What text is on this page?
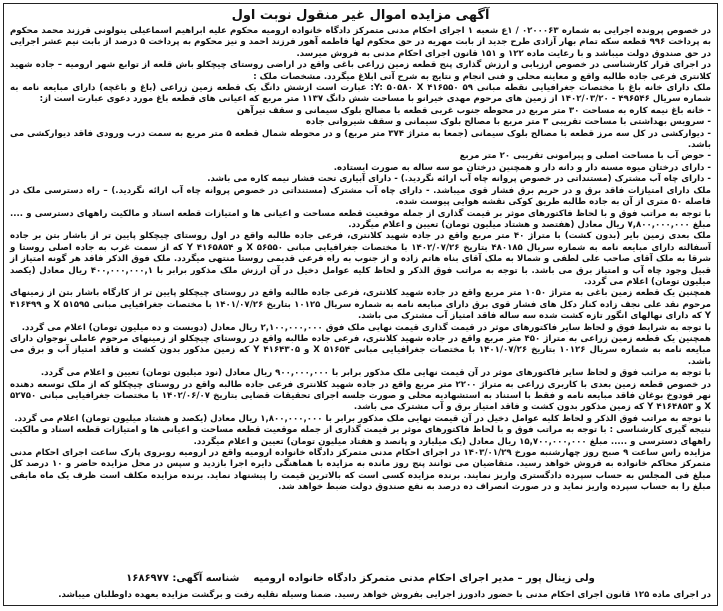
آگهی مزایده اموال غیر منقول نوبت اول

در خصوص پرونده اجرایی به شماره ۰۲۰۰۰۶۳ / ۱ع شعبه ۱ اجرای احکام مدنی متمرکز دادگاه خانواده ارومیه محکوم علیه ابراهیم اسماعیلی ینولونی فرزند محمد محکوم به پرداخت ۹۹۶ قطعه سکه تمام بهار آزادی طرح جدید از بابت مهریه در حق محکوم لها فاطمه آهور فرزند احمد و نیز محکوم به پرداخت ۵ درصد از بابت نیم عشر اجرایی در حق صندوق دولت میباشد و با رعایت ماده ۱۲۲ و ۱۵۱ قانون اجرای احکام مدنی به فروش میرسد.

در اجرای قرار کارشناسی در خصوص ارزیابی و ارزش گذاری پنج قطعه زمین زراعی باغی واقع در اراضی روستای چیچکلو باش قلعه از توابع شهر ارومیه – جاده شهید کلانتری فرعی جاده طالبه واقع و معاینه محلی و فنی انجام و نتایج به شرح آتی ابلاغ میگردد. مشخصات ملک :

ملک دارای خانه باغ با مختصات جغرافیایی نقطه مبانی ۵۹ ۴۱۶۵۵۰ Y: ۵۰۵۸۰ X: عبارت است ازشش دانگ یک قطعه زمین زراعی (باغ و باغچه) دارای مبایعه نامه به شماره سریال ۴۹۶۵۴۶ - ۱۴۰۲/۰۳/۲۰ از زمین های مرحوم مهدی خیرانو با مساحت شش دانگ ۱۱۳۷ متر مربع که اعیانی های قطعه باغ مورد دعوی عبارت است از:

- خانه باغ نیمه کاره به مساحت ۳۰ متر مربع در محوطه جنوب غربی قطعه با مصالح بلوک سیمانی و سقف تیرآهن

- سرویس بهداشتی با مساحت تقریبی ۳ متر مربع با مصالح بلوک سیمانی و سقف شیروانی جاده

- دیوارکشی در کل سه مرز قطعه با مصالح بلوک سیمانی (جمعا به متراژ ۳۷۴ متر مربع) و در محوطه شمال قطعه ۵ متر مربع به سمت درب ورودی فاقد دیوارکشی می باشد.

- حوض آب با مساحت اصلی و پیرامونی تقریبی ۲۰ متر مربع

- دارای درختان میوه مسنه دار و دانه دار و همچنین درختان مو سه ساله به صورت ایستاده.

- دارای چاه آب مشترک (مستنداتی در خصوص پروانه چاه آب ارائه نگردید.) - دارای آبیاری تحت فشار نیمه کاره می باشد.

ملک دارای امتیازات فاقد برق و در حریم برق فشار قوی میباشد. - دارای چاه آب مشترک (مستنداتی در خصوص پروانه چاه آب ارائه نگردید.) – راه دسترسی ملک در فاصله ۵۰ متری از آن به جاده طالبه طریق کوکی نقشه هوایی پیوست شده.

با توجه به مراتب فوق و با لحاظ فاکتورهای موثر بر قیمت گذاری از جمله موقعیت قطعه مساحت و اعیانی ها و امتیازات قطعه اسناد و مالکیت راههای دسترسی و .... مبلغ ۷,۸۰۰,۰۰۰,۰۰۰ ریال معادل (هفتصد و هشتاد میلیون تومان) تعیین و اعلام میگردد.

ملک بعدی زمین بایر (بدون کشت) با متراژ ۴۰ متر مربع واقع در جاده شهید کلانتری، فرعی جاده طالبه واقع در اول روستای چیچکلو پایین تر از باشار بتن بر جاده آسفالته دارای مبایعه نامه به شماره سریال ۴۸۰۱۸۵ بتاریخ ۱۴۰۲/۰۷/۲۶ با مختصات جغرافیایی مبانی ۵۶۵۵۰ X و ۴۱۶۵۸۵۴ Y که از سمت غرب به جاده اصلی روستا و شرقا به ملک آقای صاحب علی لطفی و شمالا به ملک آقای بناه هاتم زاده و از جنوب به راه فرعی قدیمی روستا منتهی میگردد. ملک فوق الذکر فاقد هر گونه امتیاز از قبیل وجود چاه آب و امتیاز برق می باشد. با توجه به مراتب فوق الذکر و لحاظ کلیه عوامل دخیل در آن ارزش ملک مذکور برابر با ۴۰۰,۰۰۰,۰۰۰,۱ ریال معادل (یکصد میلیون تومان) اعلام می گردد.

همچنین یک قطعه زمین باغی به متراژ ۱۰۵۰ متر مربع واقع در جاده شهید کلانتری، فرعی جاده طالبه واقع در روستای چیچکلو پایین تر از کارگاه باشار بتن از زمینهای مرحوم نقد علی نجف زاده کنار دکل های فشار قوی برق دارای مبایعه نامه به شماره سریال ۱۰۱۲۵ بتاریخ ۱۴۰۱/۰۷/۲۶ با مختصات جغرافیایی مبانی ۵۱۵۹۵ X و ۴۱۶۴۹۹ Y که دارای نهالهای انگور تازه کشت شده سه ساله فاقد امتیاز آب مشترک می باشد.

با توجه به شرایط فوق و لحاظ سایر فاکتورهای موثر در قیمت گذاری قیمت نهایی ملک فوق ۲,۱۰۰,۰۰۰,۰۰۰ ریال معادل (دویست و ده میلیون تومان) اعلام می گردد.

همچنین یک قطعه زمین زراعی به متراژ ۴۵۰ متر مربع واقع در جاده شهید کلانتری، فرعی جاده طالبه واقع در روستای چیچکلو از زمینهای مرحوم عاملی نوجوان دارای مبایعه نامه به شماره سریال ۱۰۱۲۶ بتاریخ ۱۴۰۱/۰۷/۲۶ با مختصات جغرافیایی مبانی ۵۱۶۵۴ X و ۴۱۶۴۳۰۵ Y که زمین مذکور بدون کشت و فاقد امتیاز آب و برق می باشد.

با توجه به مراتب فوق و لحاظ سایر فاکتورهای موثر در آن قیمت نهایی ملک مذکور برابر با ۹۰۰,۰۰۰,۰۰۰ ریال معادل (نود میلیون تومان) تعیین و اعلام می گردد.

در خصوص قطعه زمین بعدی با کاربری زراعی به متراژ ۲۲۰۰ متر مربع واقع در جاده شهید کلانتری فرعی جاده طالبه واقع در روستای چیچکلو که از ملک توسعه دهنده نهر قودوخ بوغان فاقد مبایعه نامه و فقط با استناد به استشهادیه محلی و صورت جلسه اجرای تحقیقات قضایی بتاریخ ۱۴۰۲/۰۶/۰۷ با مختصات جغرافیایی مبانی ۵۲۷۵۰ X و ۴۱۶۴۸۵۳ Y که زمین مذکور بدون کشت و فاقد امتیاز برق و آب مشترک می باشد.

با توجه به مراتب فوق الذکر و لحاظ کلیه عوامل دخیل در آن قیمت نهایی ملک مذکور برابر با ۱,۸۰۰,۰۰۰,۰۰۰ ریال معادل (یکصد و هشتاد میلیون تومان) اعلام می گردد.

نتیجه گیری کارشناسی : با توجه به مراتب فوق و با لحاظ فاکتورهای موثر بر قیمت گذاری از جمله موقعیت قطعه مساحت و اعیانی ها و امتیازات قطعه اسناد و مالکیت راههای دسترسی و ..... مبلغ ۱۵,۷۰۰,۰۰۰,۰۰۰ ریال معادل (یک میلیارد و پانصد و هفتاد میلیون تومان) تعیین و اعلام میگردد.

مزایده راس ساعت ۹ صبح روز چهارشنبه مورخ ۱۴۰۳/۰۱/۲۹ در اجرای احکام مدنی متمرکز دادگاه خانواده ارومیه واقع در ارومیه روبروی پارک ساعت اجرای احکام مدنی متمرکز محاکم خانواده به فروش خواهد رسید. متقاضیان می توانند پنج روز مانده به مزایده با هماهنگی دایره اجرا بازدید و سپس در محل مزایده حاضر و ۱۰ درصد کل مبلغ فی المجلس به حساب سپرده دادگستری واریز نمایند. برنده مزایده کسی است که بالاترین قیمت را پیشنهاد نماید. برنده مزایده مکلف است ظرف یک ماه مابقی مبلغ را به حساب سپرده واریز نماید و در صورت انصراف ده درصد به نفع صندوق دولت ضبط خواهد شد.

ولی زینال پور – مدیر اجرای احکام مدنی متمرکز دادگاه خانواده ارومیه    شناسه آگهی: ۱۶۸۶۹۷۷
در اجرای ماده ۱۲۵ قانون اجرای احکام مدنی با حضور دادورز اجرایی بفروش خواهد رسید. ضمنا وسیله نقلیه رفت و برگشت مزایده بعهده داوطلبان میباشد.
